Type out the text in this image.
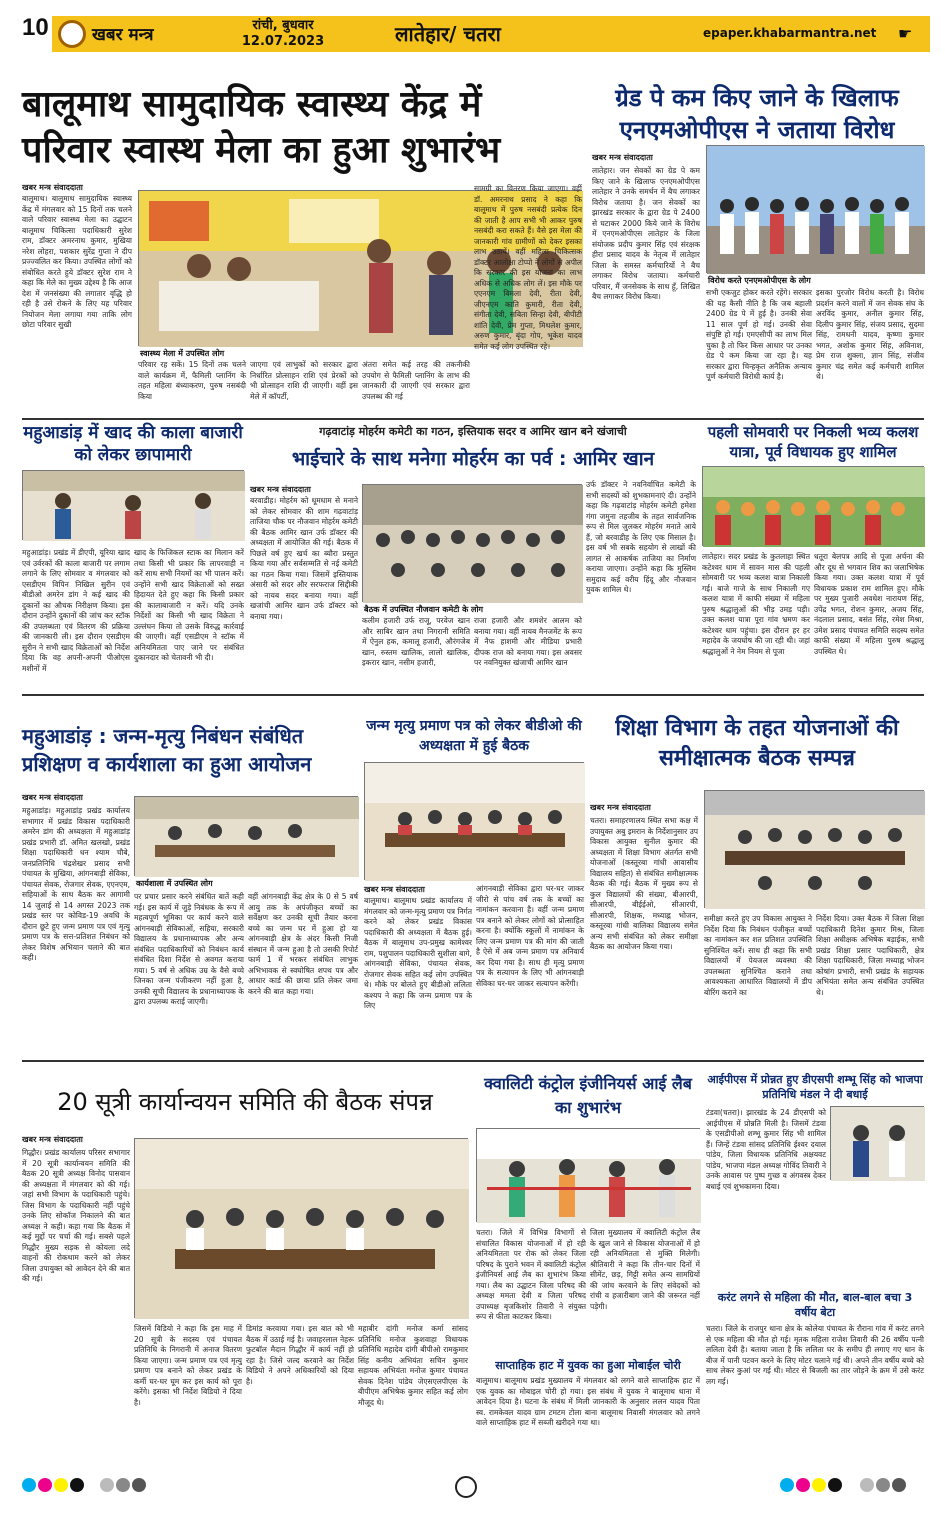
10	खबर मन्त्र	रांची, बुधवार
12.07.2023	लातेहार/ चतरा	epaper.khabarmantra.net ☛
बालूमाथ सामुदायिक स्वास्थ्य केंद्र में परिवार स्वास्थ मेला का हुआ शुभारंभ
खबर मन्त्र संवाददाता
स्वास्थ्य मेला में उपस्थित लोग
बालूमाथ। बालूमाथ सामुदायिक स्वास्थ्य केंद्र में मंगलवार को 15 दिनों तक चलने वाले परिवार स्वास्थ्य मेला का उद्घाटन बालूमाथ चिकित्सा पदाधिकारी सुरेश राम, डॉक्टर अमरनाथ कुमार, मुखिया नरेश लोहरा, पशकार सुरेंद्र गुप्ता ने दीप प्रज्ज्वलित कर किया। उपस्थित लोगों को संबोधित करते हुये डॉक्टर सुरेश राम ने कहा कि मेले का मुख्य उद्देश्य है कि आज देश में जनसंख्या की लगातार वृद्धि हो रही है उसे रोकने के लिए यह परिवार नियोजन मेला लगाया गया ताकि लोग छोटा परिवार सुखी
परिवार रह सकें। 15 दिनों तक चलने वाले कार्यक्रम में, फैमिली प्लानिंग के तहत महिला बंध्याकरण, पुरुष नसबंदी किया
जाएगा एवं लाभुकों को सरकार द्वारा निर्धारित प्रोत्साहन राशि एवं प्रेरकों को भी प्रोत्साहन राशि दी जाएगी। वहीं इस मेले में कॉपर्टी,
अंतरा समेत कई तरह की तकनीकी उपयोग से फैमिली प्लानिंग के लाभ की जानकारी दी जाएगी एवं सरकार द्वारा उपलब्ध की गई
सामग्री का वितरण किया जाएगा। वहीं डॉ. अमरनाथ प्रसाद ने कहा कि बालूमाथ में पुरुष नसबंदी प्रत्येक दिन की जाती है आप सभी भी आकर पुरुष नसबंदी करा सकते हैं। वैसे इस मेला की जानकारी गांव ग्रामीणों को देकर इसका लाभ उठायें। वहीं महिला चिकित्सक डॉक्टर आलोक्षा टोप्पो ने लोगों से अपील कि सरकार की इस योजना का लाभ अधिक से अधिक लोग लें। इस मौके पर एएनएम बिमला देवी, रीता देवी, जीएनएम काति कुमारी, रीता देवी, संगीता देवी, सबिता सिन्हा देवी, बीपीटी शांति देवी, प्रेम गुप्ता, मिथलेश कुमार, अरुण कुमार, बृंदा गोप, भूकेश यादव समेत कई लोग उपस्थित रहे।
ग्रेड पे कम किए जाने के खिलाफ एनएमओपीएस ने जताया विरोध
खबर मन्त्र संवाददाता
लातेहार। जन सेवकों का ग्रेड पे कम किए जाने के खिलाफ एनएमओपीएस लातेहार ने उनके समर्थन में बैच लगाकर विरोध जताया है। जन सेवकों का झारखंड सरकार के द्वारा ग्रेड पे 2400 से घटाकर 2000 किये जाने के विरोध में एनएमओपीएस लातेहार के जिला संयोजक प्रदीप कुमार सिंह एवं संरक्षक हीरा प्रसाद यादव के नेतृत्व में लातेहार जिला के समस्त कर्मचारियों ने बैच लगाकर विरोध जताया। कर्मचारी परिवार, मैं जनसेवक के साथ हूँ, लिखित बैच लगाकर विरोध किया।
विरोध करते एनएमओपीएस के लोग
सभी एकजुट होकर करते रहेंगे। सरकार की यह कैसी नीति है कि जब बहाली 2400 ग्रेड पे में हुई है। उनकी सेवा 11 साल पूर्ण हो गई। उनकी सेवा संपुष्टि हो गई। एमएसीपी का लाभ मिल चुका है तो फिर किस आधार पर उनका ग्रेड पे कम किया जा रहा है। यह सरकार द्वारा चिन्हकृत अनैतिक अन्याय पूर्ण कर्मचारी विरोधी कार्य है।
इसका पुरजोर विरोध करती है। विरोध प्रदर्शन करने वालों में जन सेवक संघ के अरविंद कुमार, अनील कुमार सिंह, दिलीप कुमार सिंह, संजय प्रसाद, सुदमा सिंह, रामधनी यादव, कृष्णा कुमार भगत, अशोक कुमार सिंह, अविनाश, प्रेम राज शुक्ला, ज्ञान सिंह, संजीव कुमार चंद्र समेत कई कर्मचारी शामिल थे।
महुआडांड़ में खाद की काला बाजारी को लेकर छापामारी
महुआडांड़। प्रखंड में डीएपी, यूरिया खाद एवं उर्वरकों की काला बाजारी पर लगाम लगाने के लिए सोमवार व मंगलवार को एसडीएम विपिन निखिल सुरीन एवं बीडीओ अमरेन डांग ने कई खाद की दुकानों का औचक निरीक्षण किया। इस दौरान उन्होंने दुकानों की जांच कर स्टॉक की उपलब्धता एवं वितरण की प्रक्रिया की जानकारी ली। इस दौरान एसडीएम सुरीन ने सभी खाद विक्रेताओं को निर्देश दिया कि वह अपनी-अपनी पीओएस मशीनों में
खाद के फिजिकल स्टाक का मिलान करें तथा किसी भी प्रकार कि लापरवाही न करें साथ सभी नियमों का भी पालन करें। उन्होंने सभी खाद विक्रेताओं को सख्त हिदायत देते हुए कहा कि किसी प्रकार की कालाबाजारी न करें। यदि उनके निर्देशों का किसी भी खाद विक्रेता ने उल्लंघन किया तो उसके विरुद्ध कार्रवाई की जाएगी। वहीं एसडीएम ने स्टॉक में अनियमितता पाए जाने पर संबंधित दुकानदार को चेतावनी भी दी।
गढ़वाटांड़ मोहर्रम कमेटी का गठन, इस्तियाक सदर व आमिर खान बने खंजाची
भाईचारे के साथ मनेगा मोहर्रम का पर्व : आमिर खान
खबर मन्त्र संवाददाता
बरवाडीह। मोहर्रम को धूमधाम से मनाने को लेकर सोमवार की शाम गढ़वाटांड़ ताजिया चौक पर नौजवान मोहर्रम कमेटी की बैठक आमिर खान उर्फ डॉक्टर की अध्यक्षता में आयोजित की गई। बैठक में पिछले वर्ष हुए खर्च का ब्यौरा प्रस्तुत किया गया और सर्वसम्मति से नई कमेटी का गठन किया गया। जिसमें इस्तियाक अंसारी को सदर और सरफराज सिद्दीकी को नायब सदर बनाया गया। वहीं खजांची आमिर खान उर्फ डॉक्टर को बनाया गया।
बैठक में उपस्थित नौजवान कमेटी के लोग
कलीम हजारी उर्फ राजू, परवेज खान और साबिर खान तथा निगरानी समिति में ऐनुल हक, कमालू हजारी, औरंगजेब खान, रुस्तम खालिक, लालो खालिक, इकरार खान, नसीम हजारी,
राजा हजारी और शमशेर आलम को बनाया गया। वहीं नायब मैनजमेंट के रूप में नैफ हाशमी और मीडिया प्रभारी दीपक राज को बनाया गया। इस अवसर पर नवनियुक्त खंजाची आमिर खान
उर्फ डॉक्टर ने नवनिर्वाचित कमेटी के सभी सदस्यों को शुभकामनाएं दी। उन्होंने कहा कि गढ़वाटांड़ मोहर्रम कमेटी हमेशा गंगा जमुना तहजीब के तहत सार्वजनिक रूप से मिल जुलकर मोहर्रम मनाते आये हैं, जो बरवाडीह के लिए एक मिसाल है। इस वर्ष भी सबके सहयोग से लाखों की लागत से आकर्षक ताजिया का निर्माण कराया जाएगा। उन्होंने कहा कि मुस्लिम समुदाय कई वरीय हिंदू और नौजवान युवक शामिल थे।
पहली सोमवारी पर निकली भव्य कलश यात्रा, पूर्व विधायक हुए शामिल
लातेहार। सदर प्रखंड के कुतलाहा स्थित कटेश्वर धाम में सावन मास की पहली सोमवारी पर भव्य कलश यात्रा निकाली गई। बाजे गाजे के साथ निकाली गए कलश यात्रा में काफी संख्या में महिला पुरुष श्रद्धालुओं की भीड़ उमड़ पड़ी। उक्त कलश यात्रा पूरा गांव भ्रमण कर कटेश्वर धाम पहुंचा। इस दौरान हर हर महादेव के जयघोष की जा रही थी। जहां श्रद्धालुओं ने नेम नियम से पूजा
धतूरा बेलपत्र आदि से पूजा अर्चना की और दूध से भगवान शिव का जलाभिषेक किया गया। उक्त कलश यात्रा में पूर्व विधायक प्रकाश राम शामिल हुए। मौके पर मुख्य पुजारी अवधेश नारायण सिंह, उपेंद्र भगत, रोशन कुमार, अजय सिंह, नंदलाल प्रसाद, बसंत सिंह, रमेश मिश्रा, उमेश प्रसाद पंचायत समिति सदस्य समेत काफी संख्या में महिला पुरुष श्रद्धालु उपस्थित थे।
महुआडांड़ : जन्म-मृत्यु निबंधन संबंधित प्रशिक्षण व कार्यशाला का हुआ आयोजन
खबर मन्त्र संवाददाता
महुआडांड़। महुआडांड़ प्रखंड कार्यालय सभागार में प्रखंड विकास पदाधिकारी अमरेन डांग की अध्यक्षता में महुआडांड़ प्रखंड प्रभारी डॉ. अमित खलखो, प्रखंड शिक्षा पदाधिकारी धन श्याम चौबे, जनप्रतिनिधि चंद्रशेखर प्रसाद सभी पंचायत के मुखिया, आंगनबाड़ी सेविका, पंचायत सेवक, रोजगार सेवक, एएनएम, सहियाओं के साथ बैठक कर आगामी 14 जुलाई से 14 अगस्त 2023 तक प्रखंड स्तर पर कोविड-19 अवधि के दौरान छूटे हुए जन्म प्रमाण पत्र एवं मृत्यु प्रमाण पत्र के सत्त-प्रतिशत निबंधन को लेकर विशेष अभियान चलाने की बात कही।
कार्यशाला में उपस्थित लोग
पर प्रचार प्रसार करने संबंधित बातें कही गई। इस कार्य में जुड़े निबंधक के रूप में महत्वपूर्ण भूमिका पर कार्य करने वाले आंगनबाड़ी सेविकाओं, सहिया, सरकारी विद्यालय के प्रधानाध्यापक और अन्य संबंधित पदाधिकारियों को निबंधन कार्य संबंधित दिशा निर्देश से अवगत कराया गया। 5 वर्ष से अधिक उम्र के वैसे बच्चे जिनका जन्म पंजीकरण नहीं हुआ है, उनकी सूची विद्यालय के प्रधानाध्यापक के द्वारा उपलब्ध कराई जाएगी।
वहीं आंगनबाड़ी केंद्र क्षेत्र के 0 से 5 वर्ष आयु तक के अपंजीकृत बच्चों का सर्वेक्षण कर उनकी सूची तैयार करना बच्चे का जन्म घर में हुआ हो या आंगनबाड़ी क्षेत्र के अंदर किसी निजी संस्थान में जन्म हुआ है तो उसकी रिपोर्ट फार्म 1 में भरकर संबंधित लाभुक अभिभावक से स्वघोषित शपथ पत्र और आधार कार्ड की छाया प्रति लेकर जमा करने की बात कहा गया।
जन्म मृत्यु प्रमाण पत्र को लेकर बीडीओ की अध्यक्षता में हुई बैठक
खबर मन्त्र संवाददाता
बालूमाथ। बालूमाथ प्रखंड कार्यालय में मंगलवार को जन्म-मृत्यु प्रमाण पत्र निर्गत करने को लेकर प्रखंड विकास पदाधिकारी की अध्यक्षता में बैठक हुई। बैठक में बालूमाथ उप-प्रमुख कामेश्वर राम, पशुपालन पदाधिकारी सुशीला बागे, आंगनबाड़ी सेविका, पंचायत सेवक, रोजगार सेवक सहित कई लोग उपस्थित थे। मौके पर बोलते हुए बीडीओ ललिता कश्यप ने कहा कि जन्म प्रमाण पत्र के लिए
आंगनबाड़ी सेविका द्वारा घर-घर जाकर जीरो से पांच वर्ष तक के बच्चों का नामांकन करवाना है। वहीं जन्म प्रमाण पत्र बनाने को लेकर लोगों को प्रोत्साहित करना है। क्योंकि स्कूलों में नामांकन के लिए जन्म प्रमाण पत्र की मांग की जाती है ऐसे में अब जन्म प्रमाण पत्र अनिवार्य कर दिया गया है। साथ ही मृत्यु प्रमाण पत्र के सत्यापन के लिए भी आंगनबाड़ी सेविका घर-घर जाकर सत्यापन करेंगी।
शिक्षा विभाग के तहत योजनाओं की समीक्षात्मक बैठक सम्पन्न
खबर मन्त्र संवाददाता
चतरा। समाहरणालय स्थित सभा कक्ष में उपायुक्त अबु इमरान के निर्देशानुसार उप विकास आयुक्त सुनील कुमार की अध्यक्षता में शिक्षा विभाग अंतर्गत सभी योजनाओं (कस्तूरबा गांधी आवासीय विद्यालय सहित) से संबंधित समीक्षात्मक बैठक की गई। बैठक में मुख्य रूप से कुल विद्यालयों की संख्या, बीआरपी, सीआरपी, बीईईओ, सीआरपी, सीआरपी, शिक्षक, मध्याह्न भोजन, कस्तूरबा गांधी बालिका विद्यालय समेत अन्य सभी संबंधित को लेकर समीक्षा बैठक का आयोजन किया गया।
समीक्षा करते हुए उप विकास आयुक्त ने निर्देश दिया कि निबंधन पंजीकृत बच्चों का नामांकन कर शत प्रतिशत उपस्थिति सुनिश्चित करें। साथ ही कहा कि सभी विद्यालयों में पेयजल व्यवस्था की उपलब्धता सुनिश्चित कराने तथा आवश्यकता आधारित विद्यालयों में डीप बोरिंग कराने का
निर्देश दिया। उक्त बैठक में जिला शिक्षा पदाधिकारी दिनेश कुमार मिश्र, जिला शिक्षा अधीक्षक अभिषेक बड़ाईक, सभी प्रखंड शिक्षा प्रसार पदाधिकारी, क्षेत्र शिक्षा पदाधिकारी, जिला मध्याह्न भोजन कोषांग प्रभारी, सभी प्रखंड के सहायक अभियंता समेत अन्य संबंधित उपस्थित थे।
20 सूत्री कार्यान्वयन समिति की बैठक संपन्न
खबर मन्त्र संवाददाता
गिद्धौर। प्रखंड कार्यालय परिसर सभागार में 20 सूत्री कार्यान्वयन समिति की बैठक 20 सूत्री अध्यक्ष विनोद पासवान की अध्यक्षता में मंगलवार को की गई। जहां सभी विभाग के पदाधिकारी पहुंचे। जिस विभाग के पदाधिकारी नहीं पहुंचे उनके लिए सोकॉज निकालने की बात अध्यक्ष ने कही। कहा गया कि बैठक में कई मुद्दों पर चर्चा की गई। सबसे पहले गिद्धौर मुख्य सड़क से कोयला लदे वाहनों की रोकथाम करने को लेकर जिला उपायुक्त को आवेदन देने की बात की गई।
जिसमें विडियो ने कहा कि इस माह में 20 सूत्री के सदस्य एवं पंचायत प्रतिनिधि के निगरानी में अनाज वितरण किया जाएगा। जन्म प्रमाण पत्र एवं मृत्यु प्रमाण पत्र बनाने को लेकर प्रखंड के कर्मी घर-घर घूम कर इस कार्य को पूरा करेंगे। इसका भी निर्देश बिडियो ने दिया है।
डिमांड करवाया गया। इस बात को भी बैठक में उठाई गई है। जवाहरलाल नेहरू फुटबॉल मैदान गिद्धौर में कार्य नहीं हो रहा है। जिसे जल्द करवाने का निर्देश बिडियो ने अपने अधिकारियों को दिया है।
महाबीर दांगी मनोज कर्मा सांसद प्रतिनिधि मनोज कुशवाहा विधायक प्रतिनिधि महादेव दांगी बीपीओ रामकुमार सिंह कनीय अभियंता सचिन कुमार सहायक अभियंता मनोज कुमार पंचायत सेवक दिनेश पांडेय जेएसएलपीएस के बीपीएम अभिषेक कुमार सहित कई लोग मौजूद थे।
क्वालिटी कंट्रोल इंजीनियर्स आई लैब का शुभारंभ
चतरा। जिले में विभिन्न विभागों से संचालित विकास योजनाओं में हो रही अनियमितता पर रोक को लेकर जिला परिषद के पुराने भवन में क्वालिटी कंट्रोल इंजीनियर्स आई लैब का शुभारंभ किया गया। लैब का उद्घाटन जिला परिषद की अध्यक्ष ममता देवी व जिला परिषद उपाध्यक्ष बृजकिशोर तिवारी ने संयुक्त रूप से फीता काटकर किया।
जिला मुख्यालय में क्वालिटी कंट्रोल लैब के खुल जाने से विकास योजनाओं में हो रही अनियमितता से मुक्ति मिलेगी। श्रीतिवारी ने कहा कि तीन-चार दिनों में सीमेंट, छड़, गिट्टी समेत अन्य सामग्रियों की जांच करवाने के लिए संवेदकों को रांची व हजारीबाग जाने की जरूरत नहीं पड़ेगी।
साप्ताहिक हाट में युवक का हुआ मोबाईल चोरी
बालूमाथ। बालूमाथ प्रखंड मुख्यालय में मंगलवार को लगने वाले साप्ताहिक हाट में एक युवक का मोबाइल चोरी हो गया। इस संबंध में युवक ने बालूमाथ थाना में आवेदन दिया है। घटना के संबंध में मिली जानकारी के अनुसार ललन यादव पिता स्व. रामकेवल यादव ग्राम टमटम टोला बाना बालूमाथ निवासी मंगलवार को लगने वाले साप्ताहिक हाट में सब्जी खरीदने गया था।
आईपीएस में प्रोन्नत हुए डीएसपी शम्भू सिंह को भाजपा प्रतिनिधि मंडल ने दी बधाई
टंडवा(चतरा)। झारखंड के 24 डीएसपी को आईपीएस में प्रोन्नति मिली है। जिसमें टंडवा के एसडीपीओ शम्भू कुमार सिंह भी शामिल हैं। जिन्हें टंडवा सांसद प्रतिनिधि ईश्वर दयाल पांडेय, जिला विधायक प्रतिनिधि अक्षयवट पांडेय, भाजपा मंडल अध्यक्ष गोविंद तिवारी ने उनके आवास पर पुष्प गुच्छ व अंगवस्त्र देकर बधाई एवं शुभकामना दिया।
करंट लगने से महिला की मौत, बाल-बाल बचा 3 वर्षीय बेटा
चतरा। जिले के राजपुर थाना क्षेत्र के कोलेया पंचायत के रौराना गांव में करंट लगने से एक महिला की मौत हो गई। मृतक महिला राजेश तिवारी की 26 वर्षीय पत्नी ललिता देवी है। बताया जाता है कि ललिता घर के समीप ही लगाए गए धान के बीज में पानी पटवन करने के लिए मोटर चलाने गई थी। अपने तीन वर्षीय बच्चे को साथ लेकर कुआं पर गई थी। मोटर से बिजली का तार जोड़ने के क्रम में उसे करंट लग गई।
